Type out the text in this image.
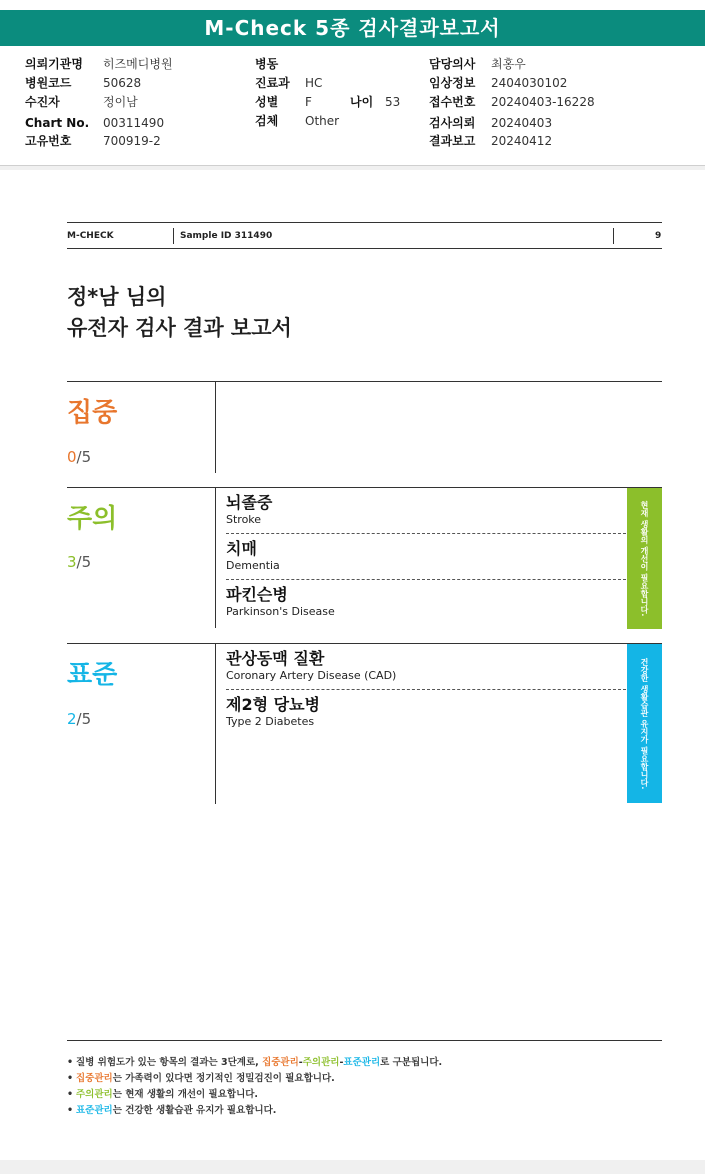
M-Check 5종 검사결과보고서
의뢰기관명 히즈메디병원
병원코드	50628
수진자	정이남
Chart No. 00311490
고유번호	700919-2
병동
진료과 HC
성별 F	나이 53
검체 Other
담당의사 최홍우
임상정보 2404030102
접수번호 20240403-16228
검사의뢰 20240403
결과보고 20240412
M-CHECK	Sample ID 311490	9
정*남 님의
유전자 검사 결과 보고서
집중
0/5
주의
3/5
뇌졸중
Stroke
치매
Dementia
파킨슨병
Parkinson's Disease	현재 생활의 개선이 필요합니다.
표준
2/5
관상동맥 질환
Coronary Artery Disease (CAD)
제2형 당뇨병
Type 2 Diabetes	건강한 생활습관 유지가 필요합니다.
• 질병 위험도가 있는 항목의 결과는 3단계로, 집중관리-주의관리-표준관리로 구분됩니다.
• 집중관리는 가족력이 있다면 정기적인 정밀검진이 필요합니다.
• 주의관리는 현재 생활의 개선이 필요합니다.
• 표준관리는 건강한 생활습관 유지가 필요합니다.
